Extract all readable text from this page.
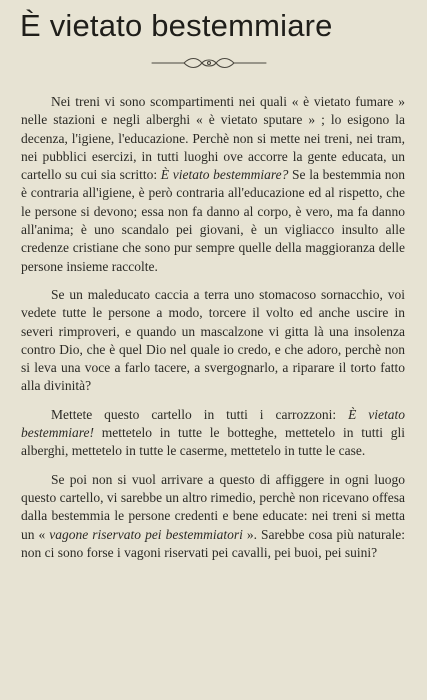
È vietato bestemmiare

Nei treni vi sono scompartimenti nei quali « è vietato fumare » nelle stazioni e negli alberghi « è vietato sputare » ; lo esigono la decenza, l'igiene, l'educazione. Perchè non si mette nei treni, nei tram, nei pubblici esercizi, in tutti luoghi ove accorre la gente educata, un cartello su cui sia scritto: È vietato bestemmiare? Se la bestemmia non è contraria all'igiene, è però contraria all'educazione ed al rispetto, che le persone si devono; essa non fa danno al corpo, è vero, ma fa danno all'anima; è uno scandalo pei giovani, è un vigliacco insulto alle credenze cristiane che sono pur sempre quelle della maggioranza delle persone insieme raccolte.

Se un maleducato caccia a terra uno stomacoso sornacchio, voi vedete tutte le persone a modo, torcere il volto ed anche uscire in severi rimproveri, e quando un mascalzone vi gitta là una insolenza contro Dio, che è quel Dio nel quale io credo, e che adoro, perchè non si leva una voce a farlo tacere, a svergognarlo, a riparare il torto fatto alla divinità?

Mettete questo cartello in tutti i carrozzoni: È vietato bestemmiare! mettetelo in tutte le botteghe, mettetelo in tutti gli alberghi, mettetelo in tutte le caserme, mettetelo in tutte le case.

Se poi non si vuol arrivare a questo di affiggere in ogni luogo questo cartello, vi sarebbe un altro rimedio, perchè non ricevano offesa dalla bestemmia le persone credenti e bene educate: nei treni si metta un « vagone riservato pei bestemmiatori ». Sarebbe cosa più naturale: non ci sono forse i vagoni riservati pei cavalli, pei buoi, pei suini?
